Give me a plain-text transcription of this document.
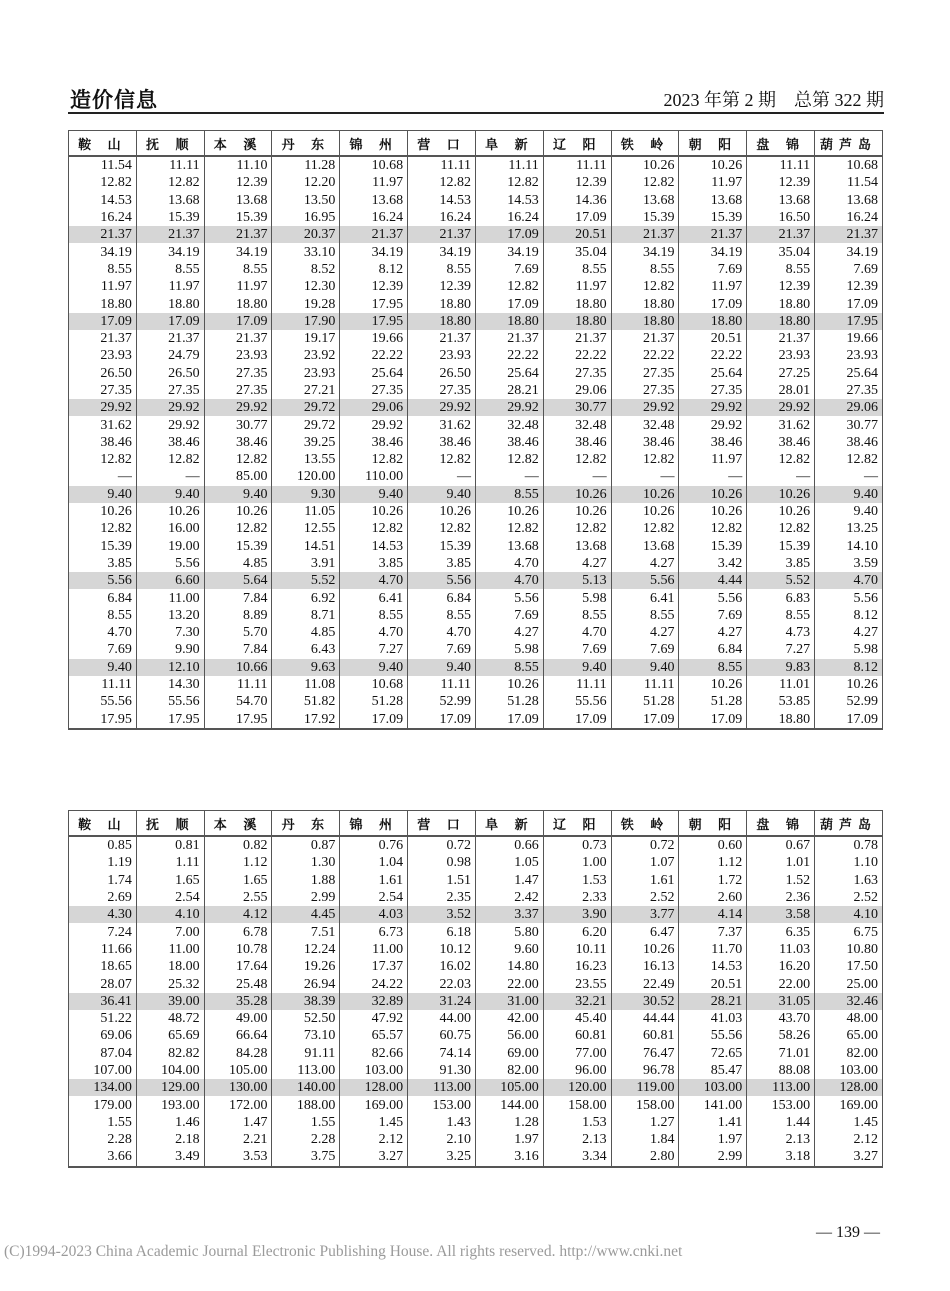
造价信息	2023 年第 2 期　总第 322 期
鞍 山	抚 顺	本 溪	丹 东	锦 州	营 口	阜 新	辽 阳	铁 岭	朝 阳	盘 锦	葫芦岛
11.54	11.11	11.10	11.28	10.68	11.11	11.11	11.11	10.26	10.26	11.11	10.68
12.82	12.82	12.39	12.20	11.97	12.82	12.82	12.39	12.82	11.97	12.39	11.54
14.53	13.68	13.68	13.50	13.68	14.53	14.53	14.36	13.68	13.68	13.68	13.68
16.24	15.39	15.39	16.95	16.24	16.24	16.24	17.09	15.39	15.39	16.50	16.24
21.37	21.37	21.37	20.37	21.37	21.37	17.09	20.51	21.37	21.37	21.37	21.37
34.19	34.19	34.19	33.10	34.19	34.19	34.19	35.04	34.19	34.19	35.04	34.19
8.55	8.55	8.55	8.52	8.12	8.55	7.69	8.55	8.55	7.69	8.55	7.69
11.97	11.97	11.97	12.30	12.39	12.39	12.82	11.97	12.82	11.97	12.39	12.39
18.80	18.80	18.80	19.28	17.95	18.80	17.09	18.80	18.80	17.09	18.80	17.09
17.09	17.09	17.09	17.90	17.95	18.80	18.80	18.80	18.80	18.80	18.80	17.95
21.37	21.37	21.37	19.17	19.66	21.37	21.37	21.37	21.37	20.51	21.37	19.66
23.93	24.79	23.93	23.92	22.22	23.93	22.22	22.22	22.22	22.22	23.93	23.93
26.50	26.50	27.35	23.93	25.64	26.50	25.64	27.35	27.35	25.64	27.25	25.64
27.35	27.35	27.35	27.21	27.35	27.35	28.21	29.06	27.35	27.35	28.01	27.35
29.92	29.92	29.92	29.72	29.06	29.92	29.92	30.77	29.92	29.92	29.92	29.06
31.62	29.92	30.77	29.72	29.92	31.62	32.48	32.48	32.48	29.92	31.62	30.77
38.46	38.46	38.46	39.25	38.46	38.46	38.46	38.46	38.46	38.46	38.46	38.46
12.82	12.82	12.82	13.55	12.82	12.82	12.82	12.82	12.82	11.97	12.82	12.82
—	—	85.00	120.00	110.00	—	—	—	—	—	—	—
9.40	9.40	9.40	9.30	9.40	9.40	8.55	10.26	10.26	10.26	10.26	9.40
10.26	10.26	10.26	11.05	10.26	10.26	10.26	10.26	10.26	10.26	10.26	9.40
12.82	16.00	12.82	12.55	12.82	12.82	12.82	12.82	12.82	12.82	12.82	13.25
15.39	19.00	15.39	14.51	14.53	15.39	13.68	13.68	13.68	15.39	15.39	14.10
3.85	5.56	4.85	3.91	3.85	3.85	4.70	4.27	4.27	3.42	3.85	3.59
5.56	6.60	5.64	5.52	4.70	5.56	4.70	5.13	5.56	4.44	5.52	4.70
6.84	11.00	7.84	6.92	6.41	6.84	5.56	5.98	6.41	5.56	6.83	5.56
8.55	13.20	8.89	8.71	8.55	8.55	7.69	8.55	8.55	7.69	8.55	8.12
4.70	7.30	5.70	4.85	4.70	4.70	4.27	4.70	4.27	4.27	4.73	4.27
7.69	9.90	7.84	6.43	7.27	7.69	5.98	7.69	7.69	6.84	7.27	5.98
9.40	12.10	10.66	9.63	9.40	9.40	8.55	9.40	9.40	8.55	9.83	8.12
11.11	14.30	11.11	11.08	10.68	11.11	10.26	11.11	11.11	10.26	11.01	10.26
55.56	55.56	54.70	51.82	51.28	52.99	51.28	55.56	51.28	51.28	53.85	52.99
17.95	17.95	17.95	17.92	17.09	17.09	17.09	17.09	17.09	17.09	18.80	17.09
鞍 山	抚 顺	本 溪	丹 东	锦 州	营 口	阜 新	辽 阳	铁 岭	朝 阳	盘 锦	葫芦岛
0.85	0.81	0.82	0.87	0.76	0.72	0.66	0.73	0.72	0.60	0.67	0.78
1.19	1.11	1.12	1.30	1.04	0.98	1.05	1.00	1.07	1.12	1.01	1.10
1.74	1.65	1.65	1.88	1.61	1.51	1.47	1.53	1.61	1.72	1.52	1.63
2.69	2.54	2.55	2.99	2.54	2.35	2.42	2.33	2.52	2.60	2.36	2.52
4.30	4.10	4.12	4.45	4.03	3.52	3.37	3.90	3.77	4.14	3.58	4.10
7.24	7.00	6.78	7.51	6.73	6.18	5.80	6.20	6.47	7.37	6.35	6.75
11.66	11.00	10.78	12.24	11.00	10.12	9.60	10.11	10.26	11.70	11.03	10.80
18.65	18.00	17.64	19.26	17.37	16.02	14.80	16.23	16.13	14.53	16.20	17.50
28.07	25.32	25.48	26.94	24.22	22.03	22.00	23.55	22.49	20.51	22.00	25.00
36.41	39.00	35.28	38.39	32.89	31.24	31.00	32.21	30.52	28.21	31.05	32.46
51.22	48.72	49.00	52.50	47.92	44.00	42.00	45.40	44.44	41.03	43.70	48.00
69.06	65.69	66.64	73.10	65.57	60.75	56.00	60.81	60.81	55.56	58.26	65.00
87.04	82.82	84.28	91.11	82.66	74.14	69.00	77.00	76.47	72.65	71.01	82.00
107.00	104.00	105.00	113.00	103.00	91.30	82.00	96.00	96.78	85.47	88.08	103.00
134.00	129.00	130.00	140.00	128.00	113.00	105.00	120.00	119.00	103.00	113.00	128.00
179.00	193.00	172.00	188.00	169.00	153.00	144.00	158.00	158.00	141.00	153.00	169.00
1.55	1.46	1.47	1.55	1.45	1.43	1.28	1.53	1.27	1.41	1.44	1.45
2.28	2.18	2.21	2.28	2.12	2.10	1.97	2.13	1.84	1.97	2.13	2.12
3.66	3.49	3.53	3.75	3.27	3.25	3.16	3.34	2.80	2.99	3.18	3.27
— 139 —
(C)1994-2023 China Academic Journal Electronic Publishing House. All rights reserved. http://www.cnki.net
